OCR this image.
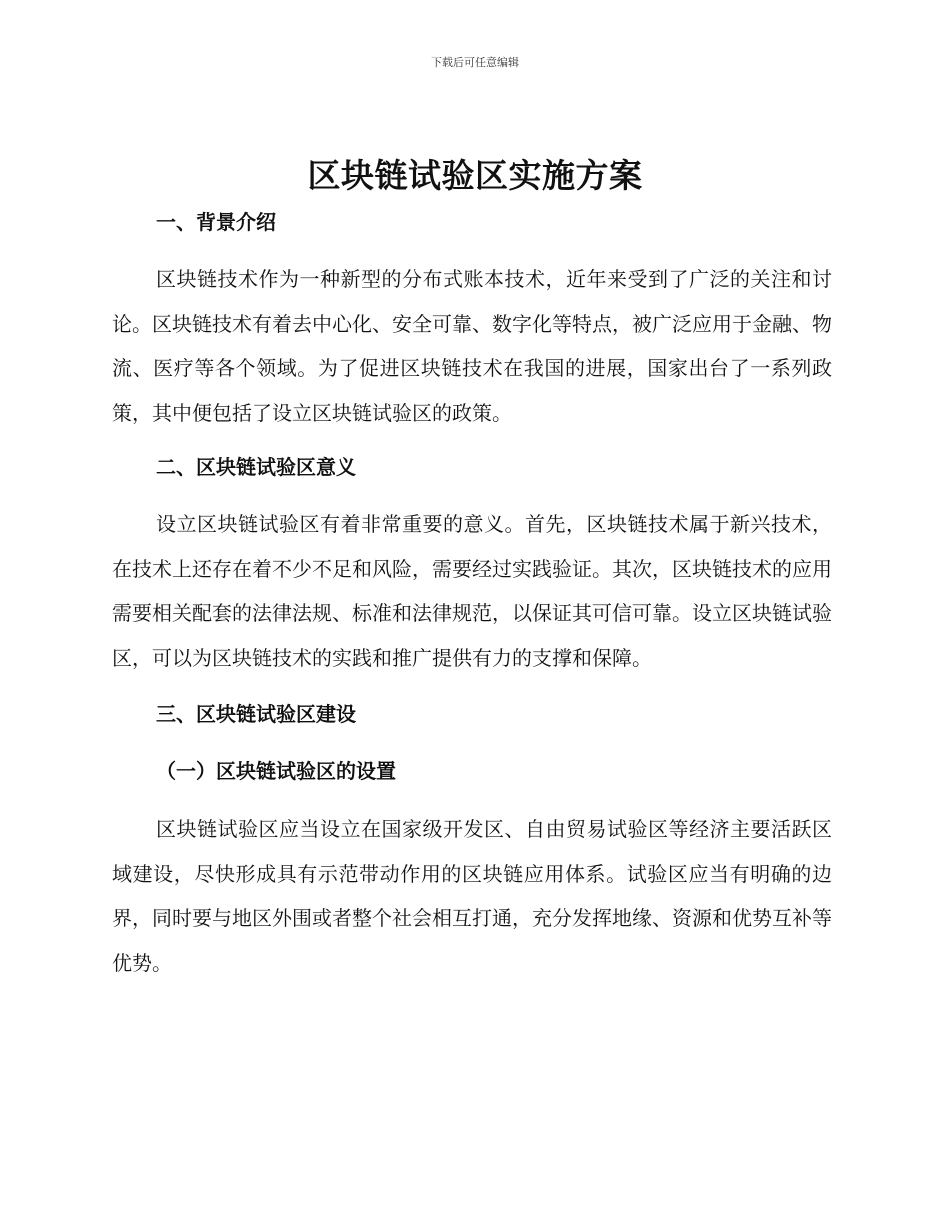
下载后可任意编辑
区块链试验区实施方案

一、背景介绍

区块链技术作为一种新型的分布式账本技术，近年来受到了广泛的关注和讨论。区块链技术有着去中心化、安全可靠、数字化等特点，被广泛应用于金融、物流、医疗等各个领域。为了促进区块链技术在我国的进展，国家出台了一系列政策，其中便包括了设立区块链试验区的政策。

二、区块链试验区意义

设立区块链试验区有着非常重要的意义。首先，区块链技术属于新兴技术，在技术上还存在着不少不足和风险，需要经过实践验证。其次，区块链技术的应用需要相关配套的法律法规、标准和法律规范，以保证其可信可靠。设立区块链试验区，可以为区块链技术的实践和推广提供有力的支撑和保障。

三、区块链试验区建设

（一）区块链试验区的设置

区块链试验区应当设立在国家级开发区、自由贸易试验区等经济主要活跃区域建设，尽快形成具有示范带动作用的区块链应用体系。试验区应当有明确的边界，同时要与地区外围或者整个社会相互打通，充分发挥地缘、资源和优势互补等优势。
